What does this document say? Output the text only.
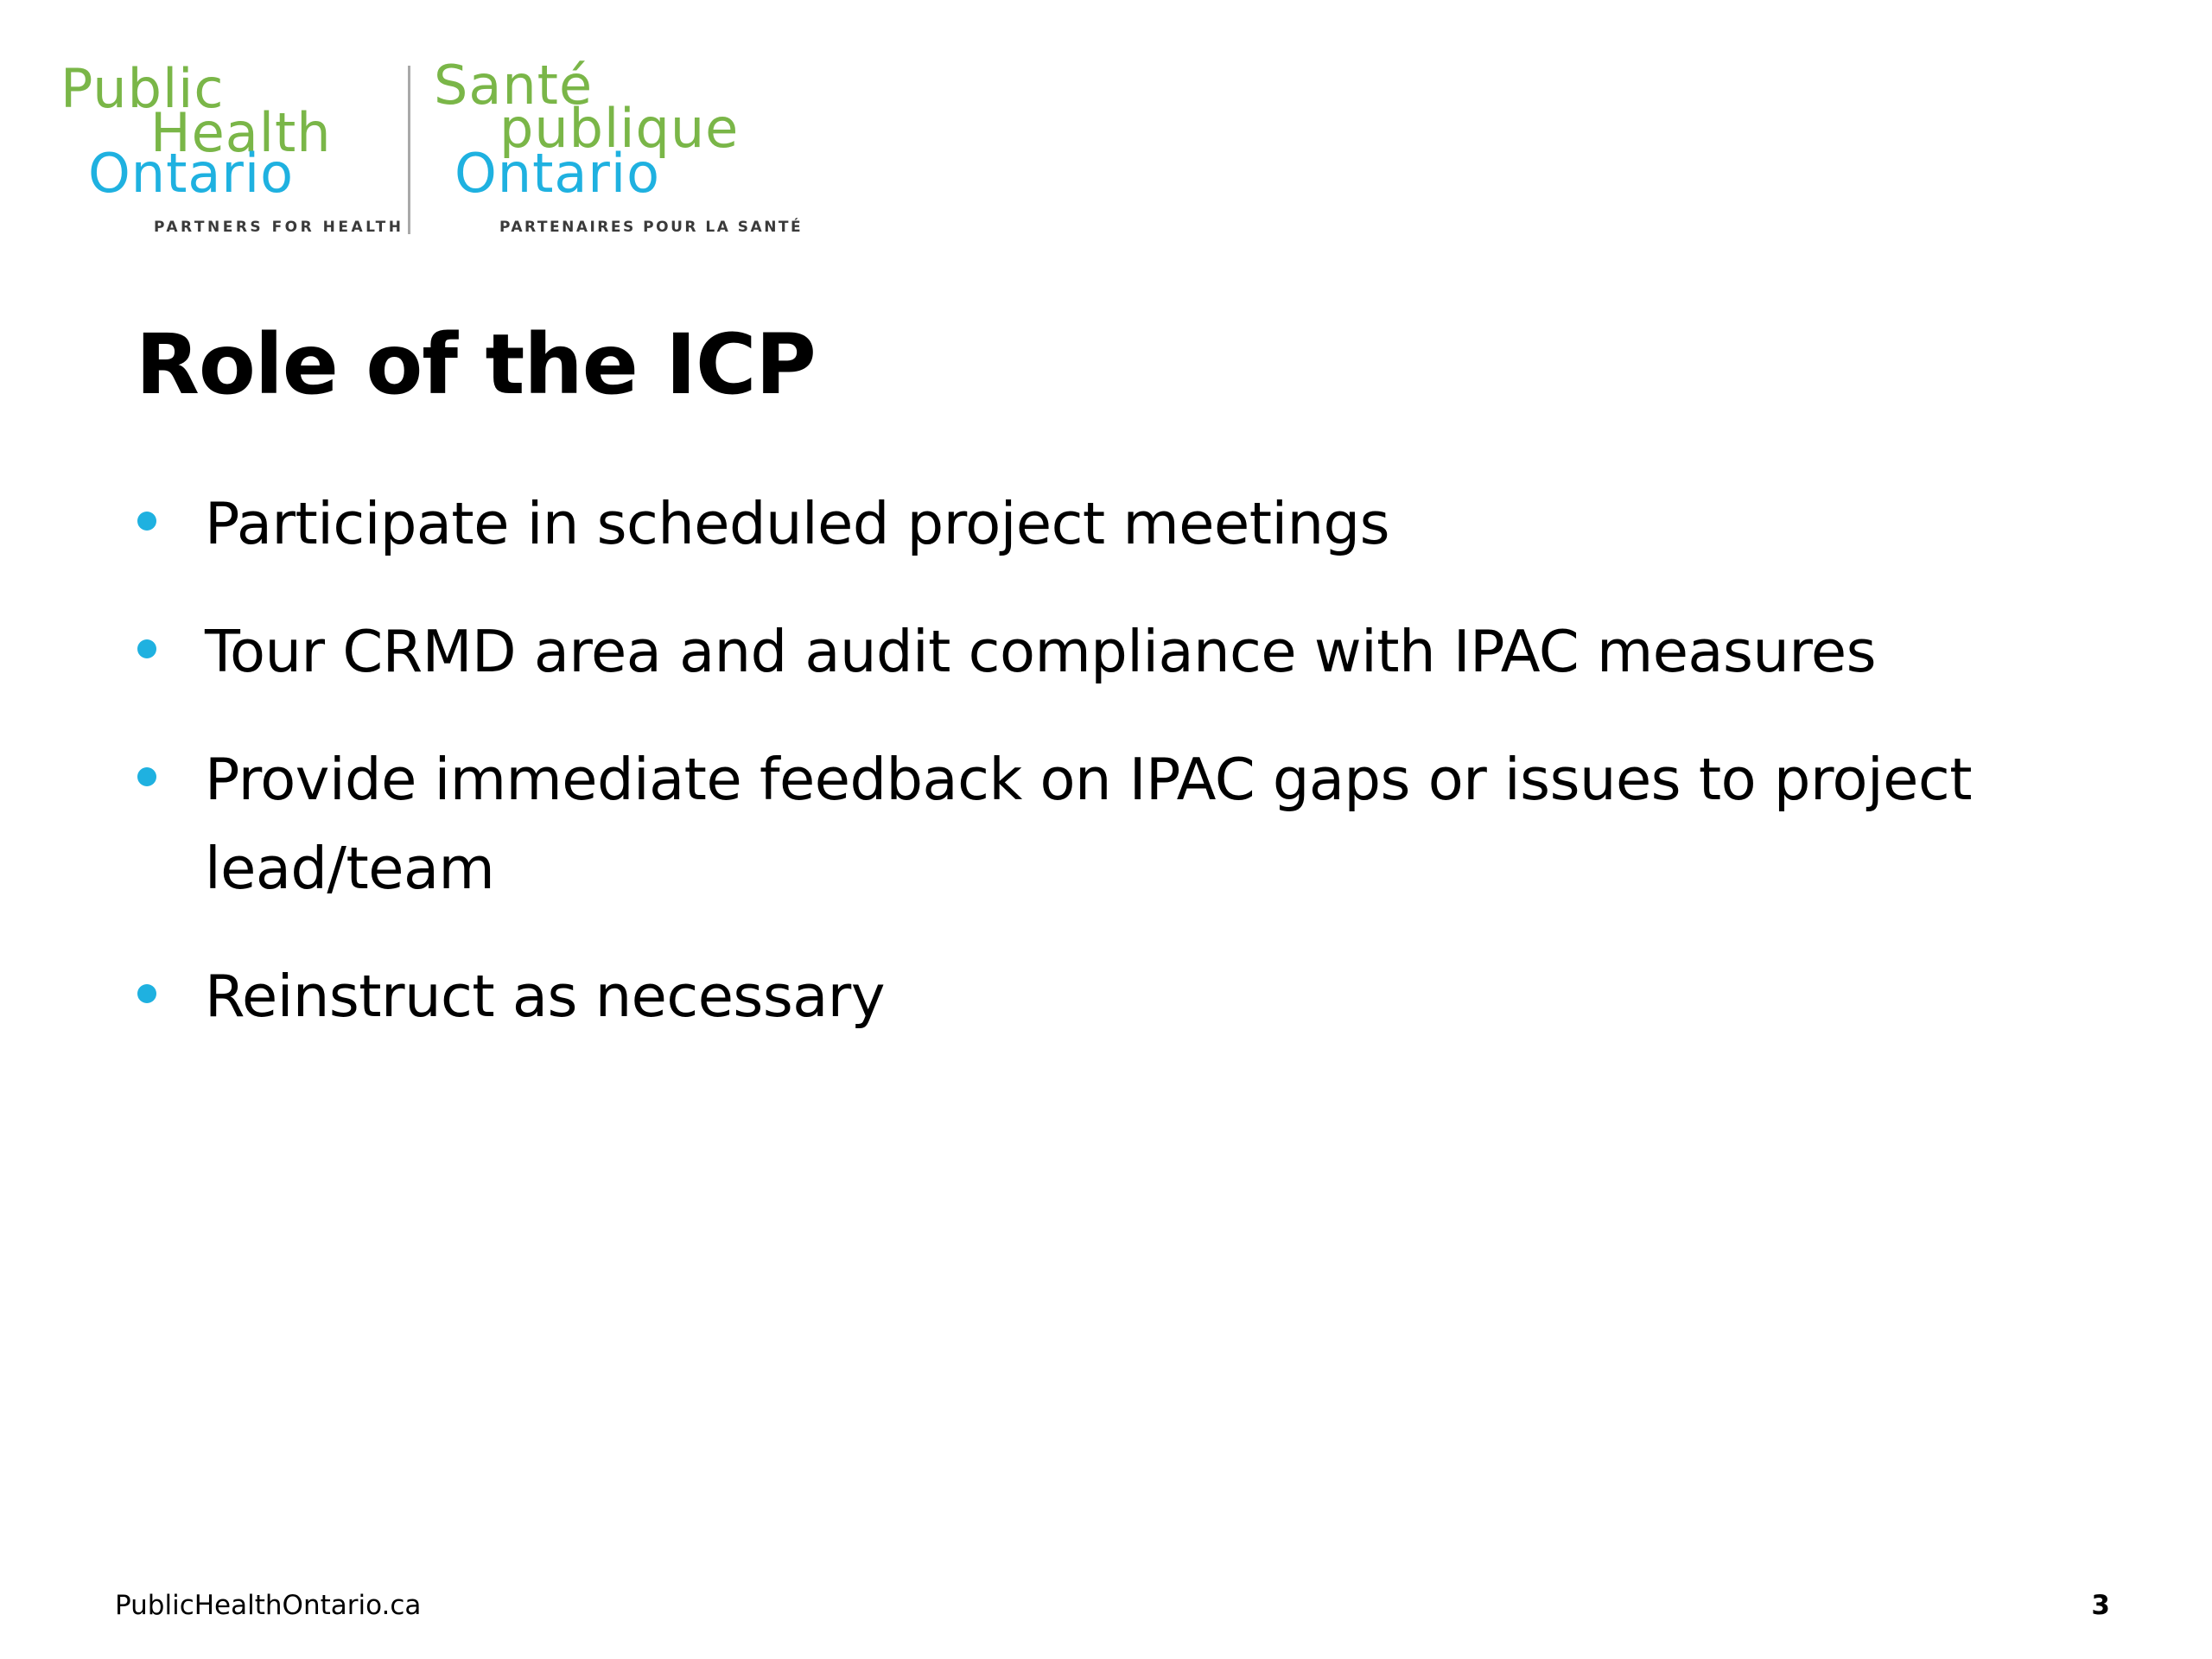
Public
Health
Ontario
PARTNERS FOR HEALTH
Santé
publique
Ontario
PARTENAIRES POUR LA SANTÉ
Role of the ICP
Participate in scheduled project meetings
Tour CRMD area and audit compliance with IPAC measures
Provide immediate feedback on IPAC gaps or issues to project lead/team
Reinstruct as necessary
PublicHealthOntario.ca	3
